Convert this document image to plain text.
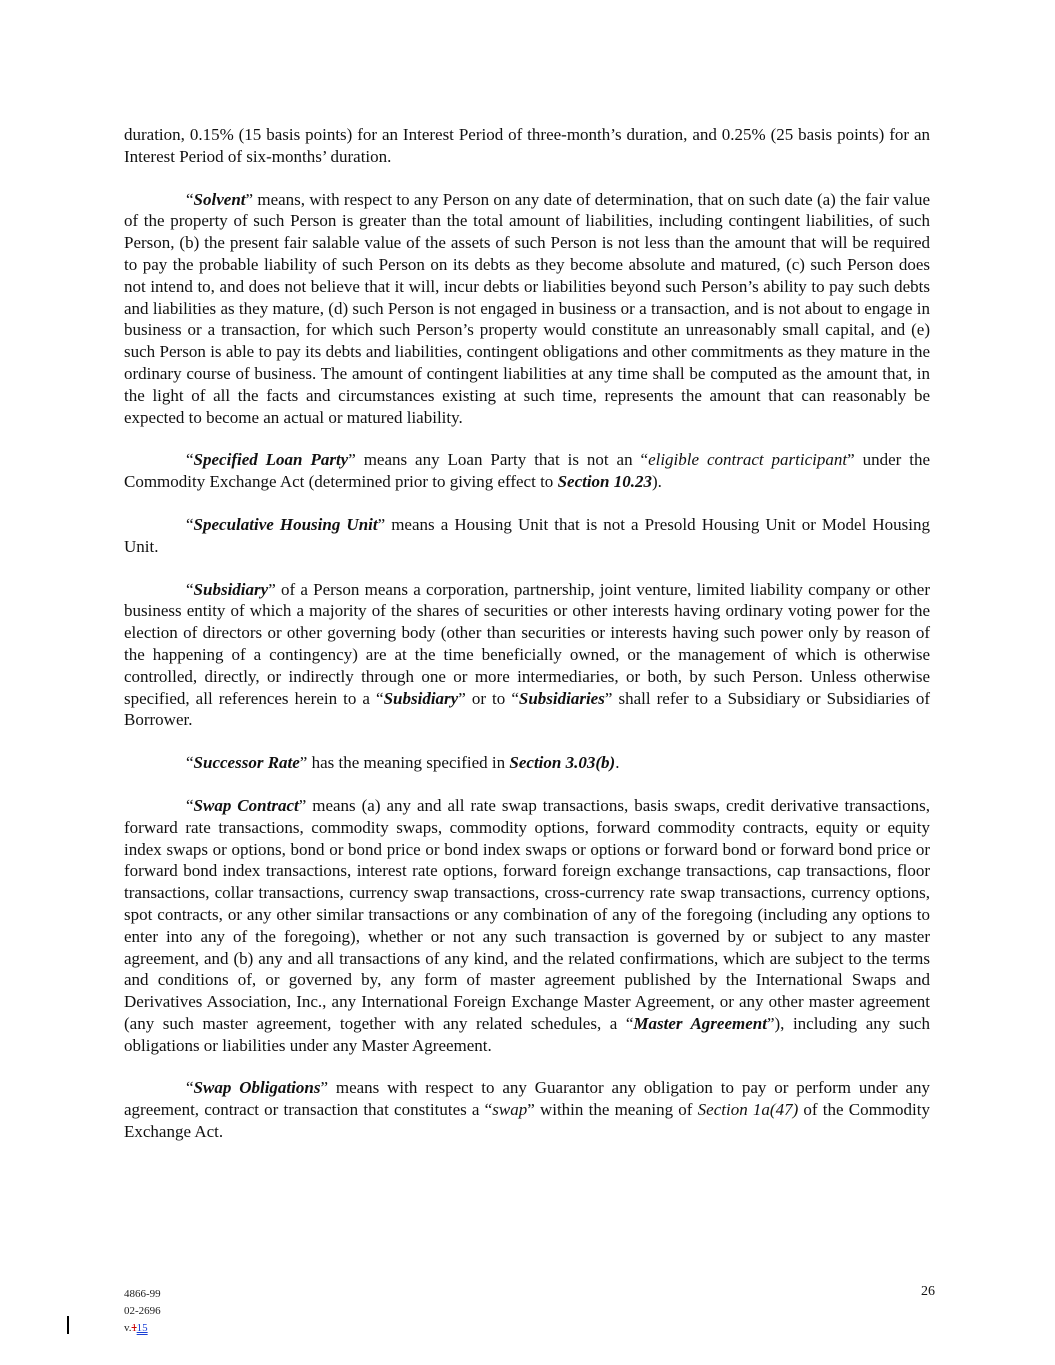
duration, 0.15% (15 basis points) for an Interest Period of three-month’s duration, and 0.25% (25 basis points) for an Interest Period of six-months’ duration.

“Solvent” means, with respect to any Person on any date of determination, that on such date (a) the fair value of the property of such Person is greater than the total amount of liabilities, including contingent liabilities, of such Person, (b) the present fair salable value of the assets of such Person is not less than the amount that will be required to pay the probable liability of such Person on its debts as they become absolute and matured, (c) such Person does not intend to, and does not believe that it will, incur debts or liabilities beyond such Person’s ability to pay such debts and liabilities as they mature, (d) such Person is not engaged in business or a transaction, and is not about to engage in business or a transaction, for which such Person’s property would constitute an unreasonably small capital, and (e) such Person is able to pay its debts and liabilities, contingent obligations and other commitments as they mature in the ordinary course of business. The amount of contingent liabilities at any time shall be computed as the amount that, in the light of all the facts and circumstances existing at such time, represents the amount that can reasonably be expected to become an actual or matured liability.

“Specified Loan Party” means any Loan Party that is not an “eligible contract participant” under the Commodity Exchange Act (determined prior to giving effect to Section 10.23).

“Speculative Housing Unit” means a Housing Unit that is not a Presold Housing Unit or Model Housing Unit.

“Subsidiary” of a Person means a corporation, partnership, joint venture, limited liability company or other business entity of which a majority of the shares of securities or other interests having ordinary voting power for the election of directors or other governing body (other than securities or interests having such power only by reason of the happening of a contingency) are at the time beneficially owned, or the management of which is otherwise controlled, directly, or indirectly through one or more intermediaries, or both, by such Person. Unless otherwise specified, all references herein to a “Subsidiary” or to “Subsidiaries” shall refer to a Subsidiary or Subsidiaries of Borrower.

“Successor Rate” has the meaning specified in Section 3.03(b).

“Swap Contract” means (a) any and all rate swap transactions, basis swaps, credit derivative transactions, forward rate transactions, commodity swaps, commodity options, forward commodity contracts, equity or equity index swaps or options, bond or bond price or bond index swaps or options or forward bond or forward bond price or forward bond index transactions, interest rate options, forward foreign exchange transactions, cap transactions, floor transactions, collar transactions, currency swap transactions, cross-currency rate swap transactions, currency options, spot contracts, or any other similar transactions or any combination of any of the foregoing (including any options to enter into any of the foregoing), whether or not any such transaction is governed by or subject to any master agreement, and (b) any and all transactions of any kind, and the related confirmations, which are subject to the terms and conditions of, or governed by, any form of master agreement published by the International Swaps and Derivatives Association, Inc., any International Foreign Exchange Master Agreement, or any other master agreement (any such master agreement, together with any related schedules, a “Master Agreement”), including any such obligations or liabilities under any Master Agreement.

“Swap Obligations” means with respect to any Guarantor any obligation to pay or perform under any agreement, contract or transaction that constitutes a “swap” within the meaning of Section 1a(47) of the Commodity Exchange Act.

4866-99
02-2696
v.115
26
